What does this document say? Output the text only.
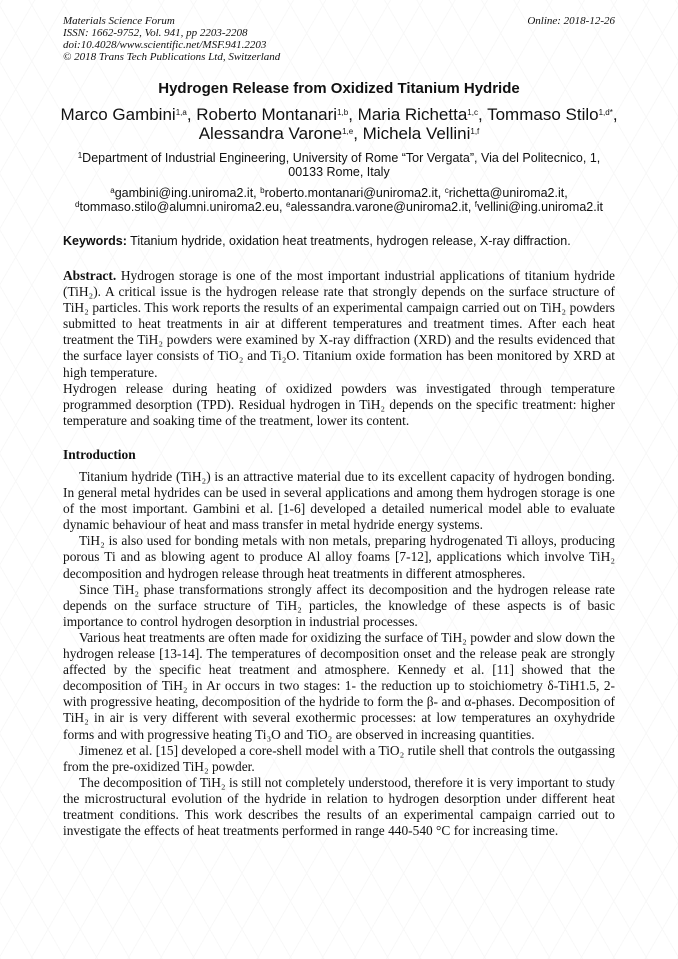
Materials Science Forum
ISSN: 1662-9752, Vol. 941, pp 2203-2208
doi:10.4028/www.scientific.net/MSF.941.2203
© 2018 Trans Tech Publications Ltd, Switzerland
Online: 2018-12-26
Hydrogen Release from Oxidized Titanium Hydride
Marco Gambini$^{1,a}$, Roberto Montanari$^{1,b}$, Maria Richetta$^{1,c}$, Tommaso Stilo$^{1,d*}$,
Alessandra Varone$^{1,e}$, Michela Vellini$^{1,f}$
$^1$Department of Industrial Engineering, University of Rome “Tor Vergata”, Via del Politecnico, 1,
00133 Rome, Italy
$^a$gambini@ing.uniroma2.it, $^b$roberto.montanari@uniroma2.it, $^c$richetta@uniroma2.it,
$^d$tommaso.stilo@alumni.uniroma2.eu, $^e$alessandra.varone@uniroma2.it, $^f$vellini@ing.uniroma2.it
Keywords: Titanium hydride, oxidation heat treatments, hydrogen release, X-ray diffraction.

Abstract. Hydrogen storage is one of the most important industrial applications of titanium hydride (TiH₂). A critical issue is the hydrogen release rate that strongly depends on the surface structure of TiH₂ particles. This work reports the results of an experimental campaign carried out on TiH₂ powders submitted to heat treatments in air at different temperatures and treatment times. After each heat treatment the TiH₂ powders were examined by X-ray diffraction (XRD) and the results evidenced that the surface layer consists of TiO₂ and Ti₂O. Titanium oxide formation has been monitored by XRD at high temperature.

Hydrogen release during heating of oxidized powders was investigated through temperature programmed desorption (TPD). Residual hydrogen in TiH₂ depends on the specific treatment: higher temperature and soaking time of the treatment, lower its content.

Introduction

Titanium hydride (TiH₂) is an attractive material due to its excellent capacity of hydrogen bonding. In general metal hydrides can be used in several applications and among them hydrogen storage is one of the most important. Gambini et al. [1-6] developed a detailed numerical model able to evaluate dynamic behaviour of heat and mass transfer in metal hydride energy systems.

TiH₂ is also used for bonding metals with non metals, preparing hydrogenated Ti alloys, producing porous Ti and as blowing agent to produce Al alloy foams [7-12], applications which involve TiH₂ decomposition and hydrogen release through heat treatments in different atmospheres.

Since TiH₂ phase transformations strongly affect its decomposition and the hydrogen release rate depends on the surface structure of TiH₂ particles, the knowledge of these aspects is of basic importance to control hydrogen desorption in industrial processes.

Various heat treatments are often made for oxidizing the surface of TiH₂ powder and slow down the hydrogen release [13-14]. The temperatures of decomposition onset and the release peak are strongly affected by the specific heat treatment and atmosphere. Kennedy et al. [11] showed that the decomposition of TiH₂ in Ar occurs in two stages: 1- the reduction up to stoichiometry δ-TiH1.5, 2- with progressive heating, decomposition of the hydride to form the β- and α-phases. Decomposition of TiH₂ in air is very different with several exothermic processes: at low temperatures an oxyhydride forms and with progressive heating Ti₃O and TiO₂ are observed in increasing quantities.

Jimenez et al. [15] developed a core-shell model with a TiO₂ rutile shell that controls the outgassing from the pre-oxidized TiH₂ powder.

The decomposition of TiH₂ is still not completely understood, therefore it is very important to study the microstructural evolution of the hydride in relation to hydrogen desorption under different heat treatment conditions. This work describes the results of an experimental campaign carried out to investigate the effects of heat treatments performed in range 440-540 °C for increasing time.
